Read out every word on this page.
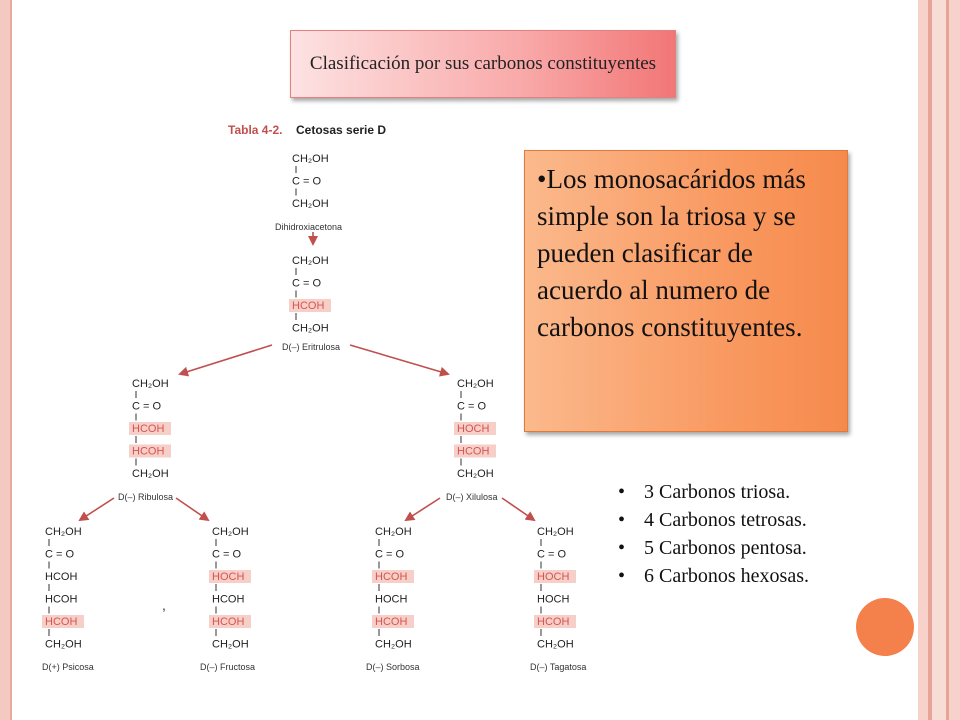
Clasificación por sus carbonos constituyentes
Tabla 4-2. Cetosas serie D
CH₂OH
C = O
CH₂OH
Dihidroxiacetona
CH₂OH
C = O
HCOH
CH₂OH
D(–) Eritrulosa
CH₂OH
C = O
HCOH
HCOH
CH₂OH
D(–) Ribulosa
CH₂OH
C = O
HOCH
HCOH
CH₂OH
D(–) Xilulosa
CH₂OH
C = O
HCOH
HCOH
HCOH
CH₂OH
D(+) Psicosa
CH₂OH
C = O
HOCH
HCOH
HCOH
CH₂OH
D(–) Fructosa
CH₂OH
C = O
HCOH
HOCH
HCOH
CH₂OH
D(–) Sorbosa
CH₂OH
C = O
HOCH
HOCH
HCOH
CH₂OH
D(–) Tagatosa
,
•Los monosacáridos más simple son la triosa y se pueden clasificar de acuerdo al numero de carbonos constituyentes.
• 3 Carbonos triosa.
• 4 Carbonos tetrosas.
• 5 Carbonos pentosa.
• 6 Carbonos hexosas.
